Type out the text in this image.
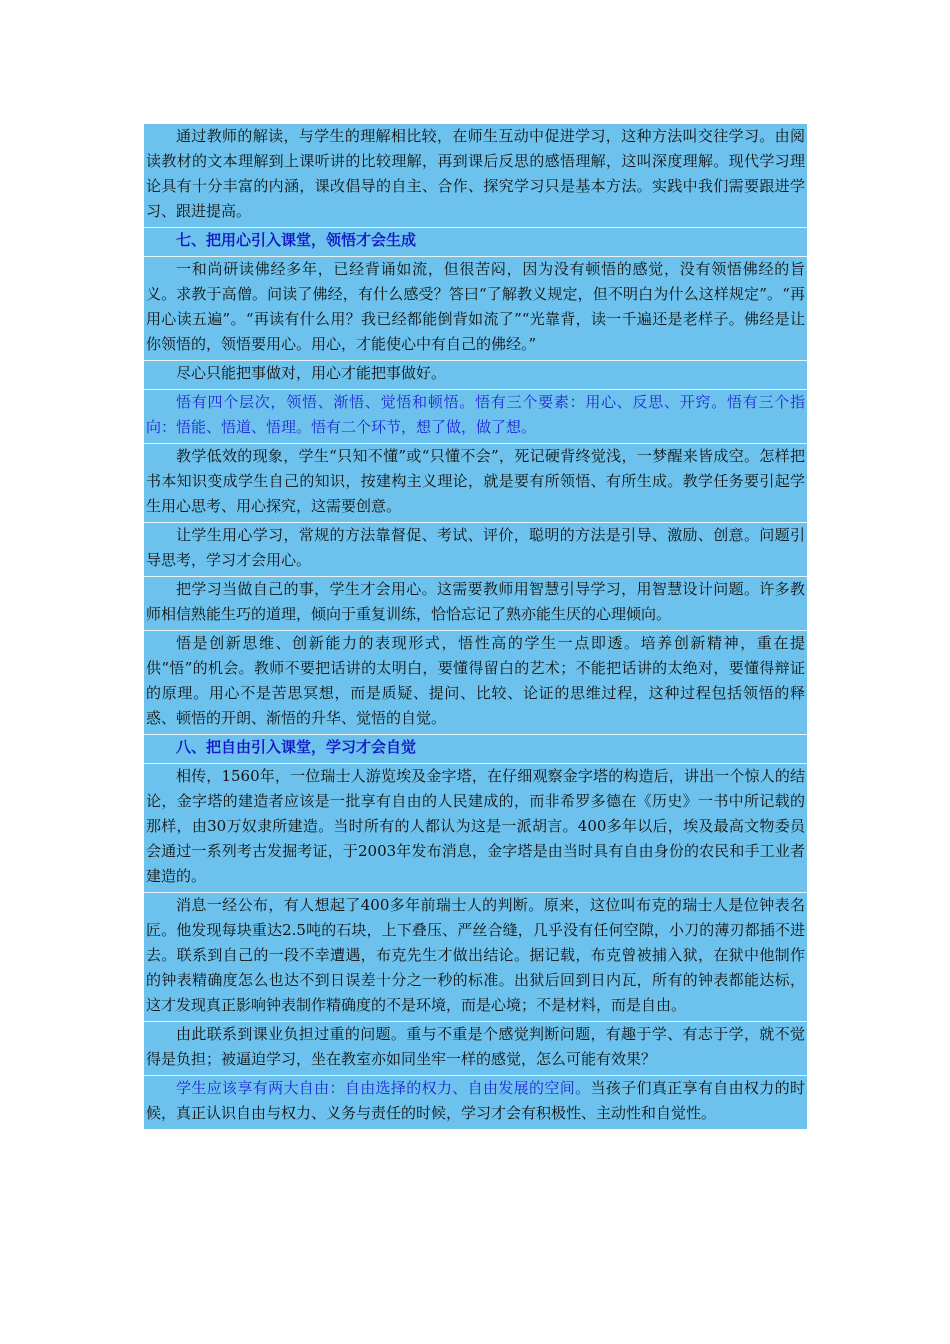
通过教师的解读，与学生的理解相比较，在师生互动中促进学习，这种方法叫交往学习。由阅读教材的文本理解到上课听讲的比较理解，再到课后反思的感悟理解，这叫深度理解。现代学习理论具有十分丰富的内涵，课改倡导的自主、合作、探究学习只是基本方法。实践中我们需要跟进学习、跟进提高。

七、把用心引入课堂，领悟才会生成

一和尚研读佛经多年，已经背诵如流，但很苦闷，因为没有顿悟的感觉，没有领悟佛经的旨义。求教于高僧。问读了佛经，有什么感受？答曰“了解教义规定，但不明白为什么这样规定”。“再用心读五遍”。“再读有什么用？我已经都能倒背如流了”“光靠背，读一千遍还是老样子。佛经是让你领悟的，领悟要用心。用心，才能使心中有自己的佛经。”

尽心只能把事做对，用心才能把事做好。

悟有四个层次，领悟、渐悟、觉悟和顿悟。悟有三个要素：用心、反思、开窍。悟有三个指向：悟能、悟道、悟理。悟有二个环节，想了做，做了想。

教学低效的现象，学生“只知不懂”或“只懂不会”，死记硬背终觉浅，一梦醒来皆成空。怎样把书本知识变成学生自己的知识，按建构主义理论，就是要有所领悟、有所生成。教学任务要引起学生用心思考、用心探究，这需要创意。

让学生用心学习，常规的方法靠督促、考试、评价，聪明的方法是引导、激励、创意。问题引导思考，学习才会用心。

把学习当做自己的事，学生才会用心。这需要教师用智慧引导学习，用智慧设计问题。许多教师相信熟能生巧的道理，倾向于重复训练，恰恰忘记了熟亦能生厌的心理倾向。

悟是创新思维、创新能力的表现形式，悟性高的学生一点即透。培养创新精神，重在提供“悟”的机会。教师不要把话讲的太明白，要懂得留白的艺术；不能把话讲的太绝对，要懂得辩证的原理。用心不是苦思冥想，而是质疑、提问、比较、论证的思维过程，这种过程包括领悟的释惑、顿悟的开朗、渐悟的升华、觉悟的自觉。

八、把自由引入课堂，学习才会自觉

相传，1560年，一位瑞士人游览埃及金字塔，在仔细观察金字塔的构造后，讲出一个惊人的结论，金字塔的建造者应该是一批享有自由的人民建成的，而非希罗多德在《历史》一书中所记载的那样，由30万奴隶所建造。当时所有的人都认为这是一派胡言。400多年以后，埃及最高文物委员会通过一系列考古发掘考证，于2003年发布消息，金字塔是由当时具有自由身份的农民和手工业者建造的。

消息一经公布，有人想起了400多年前瑞士人的判断。原来，这位叫布克的瑞士人是位钟表名匠。他发现每块重达2.5吨的石块，上下叠压、严丝合缝，几乎没有任何空隙，小刀的薄刃都插不进去。联系到自己的一段不幸遭遇，布克先生才做出结论。据记载，布克曾被捕入狱，在狱中他制作的钟表精确度怎么也达不到日误差十分之一秒的标准。出狱后回到日内瓦，所有的钟表都能达标，这才发现真正影响钟表制作精确度的不是环境，而是心境；不是材料，而是自由。

由此联系到课业负担过重的问题。重与不重是个感觉判断问题，有趣于学、有志于学，就不觉得是负担；被逼迫学习，坐在教室亦如同坐牢一样的感觉，怎么可能有效果？

学生应该享有两大自由：自由选择的权力、自由发展的空间。当孩子们真正享有自由权力的时候，真正认识自由与权力、义务与责任的时候，学习才会有积极性、主动性和自觉性。
